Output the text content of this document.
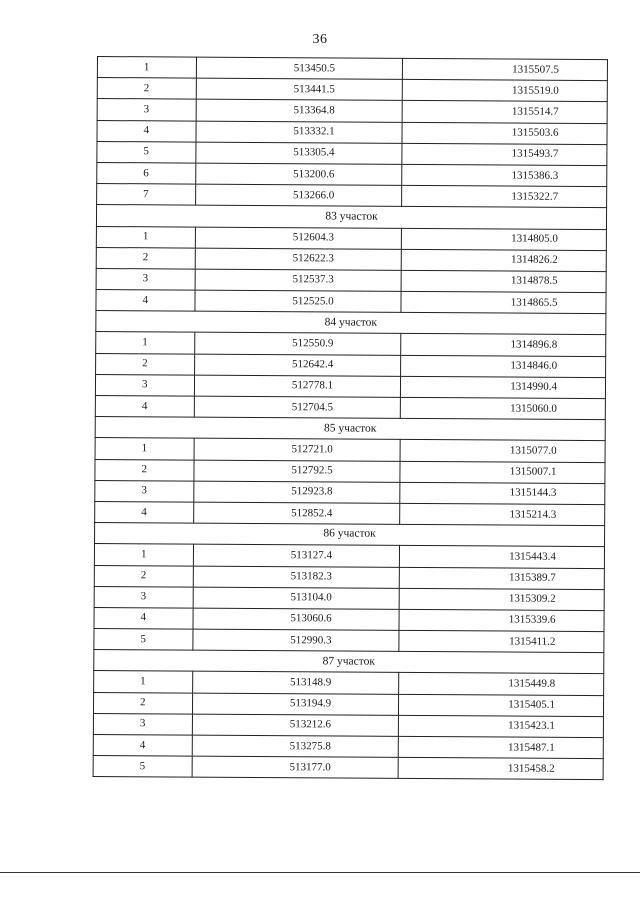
36
1	513450.5	1315507.5
2	513441.5	1315519.0
3	513364.8	1315514.7
4	513332.1	1315503.6
5	513305.4	1315493.7
6	513200.6	1315386.3
7	513266.0	1315322.7
83 участок		
1	512604.3	1314805.0
2	512622.3	1314826.2
3	512537.3	1314878.5
4	512525.0	1314865.5
84 участок		
1	512550.9	1314896.8
2	512642.4	1314846.0
3	512778.1	1314990.4
4	512704.5	1315060.0
85 участок		
1	512721.0	1315077.0
2	512792.5	1315007.1
3	512923.8	1315144.3
4	512852.4	1315214.3
86 участок		
1	513127.4	1315443.4
2	513182.3	1315389.7
3	513104.0	1315309.2
4	513060.6	1315339.6
5	512990.3	1315411.2
87 участок		
1	513148.9	1315449.8
2	513194.9	1315405.1
3	513212.6	1315423.1
4	513275.8	1315487.1
5	513177.0	1315458.2
